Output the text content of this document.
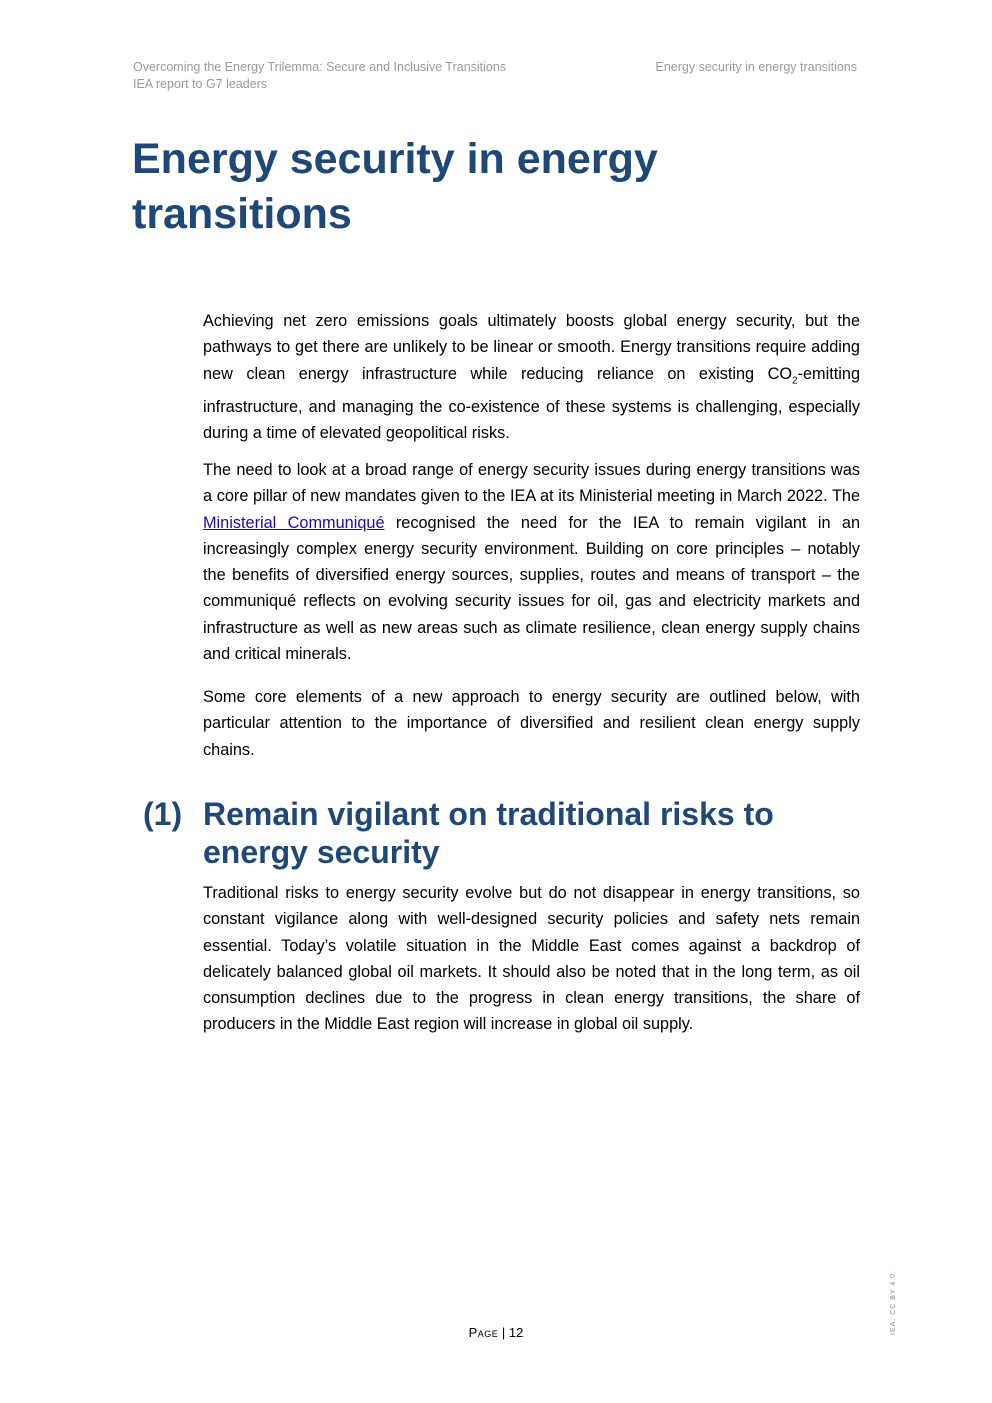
Overcoming the Energy Trilemma: Secure and Inclusive Transitions
IEA report to G7 leaders
Energy security in energy transitions
Energy security in energy transitions

Achieving net zero emissions goals ultimately boosts global energy security, but the pathways to get there are unlikely to be linear or smooth. Energy transitions require adding new clean energy infrastructure while reducing reliance on existing $CO_2$-emitting infrastructure, and managing the co-existence of these systems is challenging, especially during a time of elevated geopolitical risks.

The need to look at a broad range of energy security issues during energy transitions was a core pillar of new mandates given to the IEA at its Ministerial meeting in March 2022. The Ministerial Communiqué recognised the need for the IEA to remain vigilant in an increasingly complex energy security environment. Building on core principles – notably the benefits of diversified energy sources, supplies, routes and means of transport – the communiqué reflects on evolving security issues for oil, gas and electricity markets and infrastructure as well as new areas such as climate resilience, clean energy supply chains and critical minerals.

Some core elements of a new approach to energy security are outlined below, with particular attention to the importance of diversified and resilient clean energy supply chains.

(1) Remain vigilant on traditional risks to energy security

Traditional risks to energy security evolve but do not disappear in energy transitions, so constant vigilance along with well-designed security policies and safety nets remain essential. Today’s volatile situation in the Middle East comes against a backdrop of delicately balanced global oil markets. It should also be noted that in the long term, as oil consumption declines due to the progress in clean energy transitions, the share of producers in the Middle East region will increase in global oil supply.

Page | 12	IEA. CC BY 4.0.
